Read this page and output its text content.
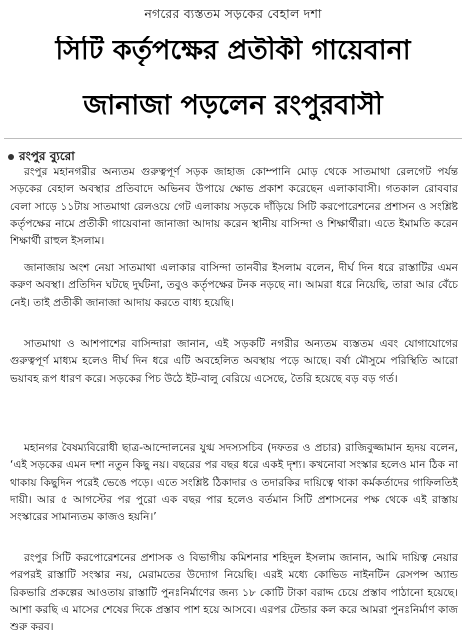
নগরের ব্যস্ততম সড়কের বেহাল দশা
সিটি কর্তৃপক্ষের প্রতীকী গায়েবানা
জানাজা পড়লেন রংপুরবাসী
রংপুর ব্যুরো
রংপুর মহানগরীর অন্যতম গুরুত্বপূর্ণ সড়ক জাহাজ কোম্পানি মোড় থেকে সাতমাথা রেলগেট পর্যন্ত সড়কের বেহাল অবস্থার প্রতিবাদে অভিনব উপায়ে ক্ষোভ প্রকাশ করেছেন এলাকাবাসী। গতকাল রোববার বেলা সাড়ে ১১টায় সাতমাথা রেলওয়ে গেট এলাকায় সড়কে দাঁড়িয়ে সিটি করপোরেশনের প্রশাসন ও সংশ্লিষ্ট কর্তৃপক্ষের নামে প্রতীকী গায়েবানা জানাজা আদায় করেন স্থানীয় বাসিন্দা ও শিক্ষার্থীরা। এতে ইমামতি করেন শিক্ষার্থী রাহুল ইসলাম।
জানাজায় অংশ নেয়া সাতমাথা এলাকার বাসিন্দা তানবীর ইসলাম বলেন, দীর্ঘ দিন ধরে রাস্তাটির এমন করুণ অবস্থা। প্রতিদিন ঘটছে দুর্ঘটনা, তবুও কর্তৃপক্ষের টনক নড়ছে না। আমরা ধরে নিয়েছি, তারা আর বেঁচে নেই। তাই প্রতীকী জানাজা আদায় করতে বাধ্য হয়েছি।
সাতমাথা ও আশপাশের বাসিন্দারা জানান, এই সড়কটি নগরীর অন্যতম ব্যস্ততম এবং যোগাযোগের গুরুত্বপূর্ণ মাধ্যম হলেও দীর্ঘ দিন ধরে এটি অবহেলিত অবস্থায় পড়ে আছে। বর্ষা মৌসুমে পরিস্থিতি আরো ভয়াবহ রূপ ধারণ করে। সড়কের পিচ উঠে ইট-বালু বেরিয়ে এসেছে, তৈরি হয়েছে বড় বড় গর্ত।
মহানগর বৈষম্যবিরোধী ছাত্র-আন্দোলনের যুগ্ম সদস্যসচিব (দফতর ও প্রচার) রাজিবুজ্জামান হৃদয় বলেন, ‘এই সড়কের এমন দশা নতুন কিছু নয়। বছরের পর বছর ধরে একই দৃশ্য। কখনোবা সংস্কার হলেও মান ঠিক না থাকায় কিছুদিন পরেই ভেঙে পড়ে। এতে সংশ্লিষ্ট ঠিকাদার ও তদারকির দায়িত্বে থাকা কর্মকর্তাদের গাফিলতিই দায়ী। আর ৫ আগস্টের পর পুরো এক বছর পার হলেও বর্তমান সিটি প্রশাসনের পক্ষ থেকে এই রাস্তায় সংস্কারের সামান্যতম কাজও হয়নি।’
রংপুর সিটি করপোরেশনের প্রশাসক ও বিভাগীয় কমিশনার শহিদুল ইসলাম জানান, আমি দায়িত্ব নেয়ার পরপরই রাস্তাটি সংস্কার নয়, মেরামতের উদ্যোগ নিয়েছি। এরই মধ্যে কোভিড নাইনটিন রেসপন্স অ্যান্ড রিকভারি প্রকল্পের আওতায় রাস্তাটি পুনঃনির্মাণের জন্য ১৮ কোটি টাকা বরাদ্দ চেয়ে প্রস্তাব পাঠানো হয়েছে। আশা করছি এ মাসের শেষের দিকে প্রস্তাব পাশ হয়ে আসবে। এরপর টেন্ডার কল করে আমরা পুনঃনির্মাণ কাজ শুরু করব।
